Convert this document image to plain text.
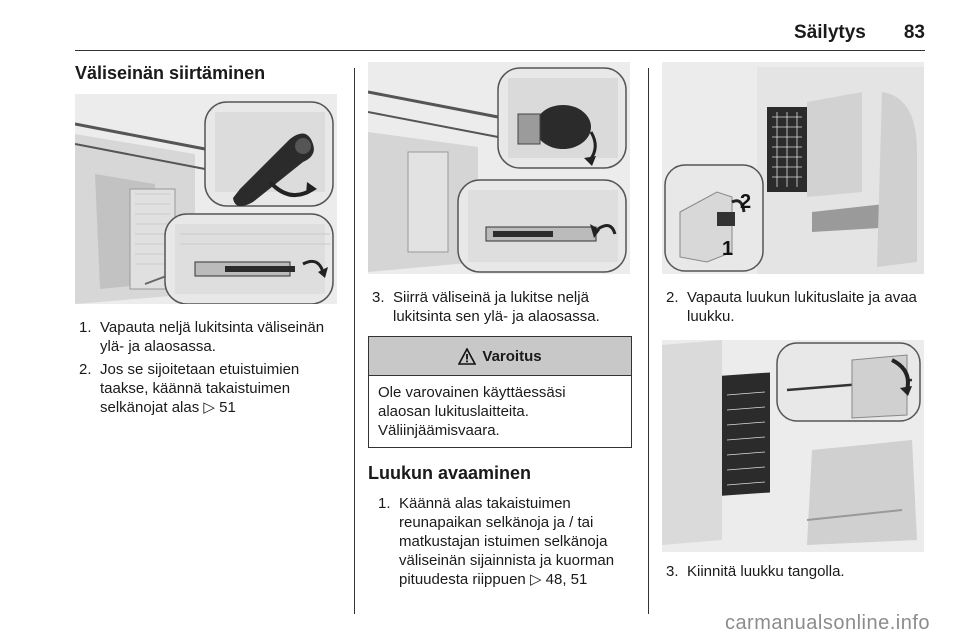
Säilytys 83
Väliseinän siirtäminen
1. Vapauta neljä lukitsinta väliseinän ylä- ja alaosassa.
2. Jos se sijoitetaan etuistuimien taakse, käännä takaistuimen selkänojat alas ▷ 51
3. Siirrä väliseinä ja lukitse neljä lukitsinta sen ylä- ja alaosassa.
Varoitus
Ole varovainen käyttäessäsi alaosan lukituslaitteita. Väliinjäämisvaara.
Luukun avaaminen
1. Käännä alas takaistuimen reunapaikan selkänoja ja / tai matkustajan istuimen selkänoja väliseinän sijainnista ja kuorman pituudesta riippuen ▷ 48, 51
2
1
2. Vapauta luukun lukituslaite ja avaa luukku.
3. Kiinnitä luukku tangolla.
carmanualsonline.info
